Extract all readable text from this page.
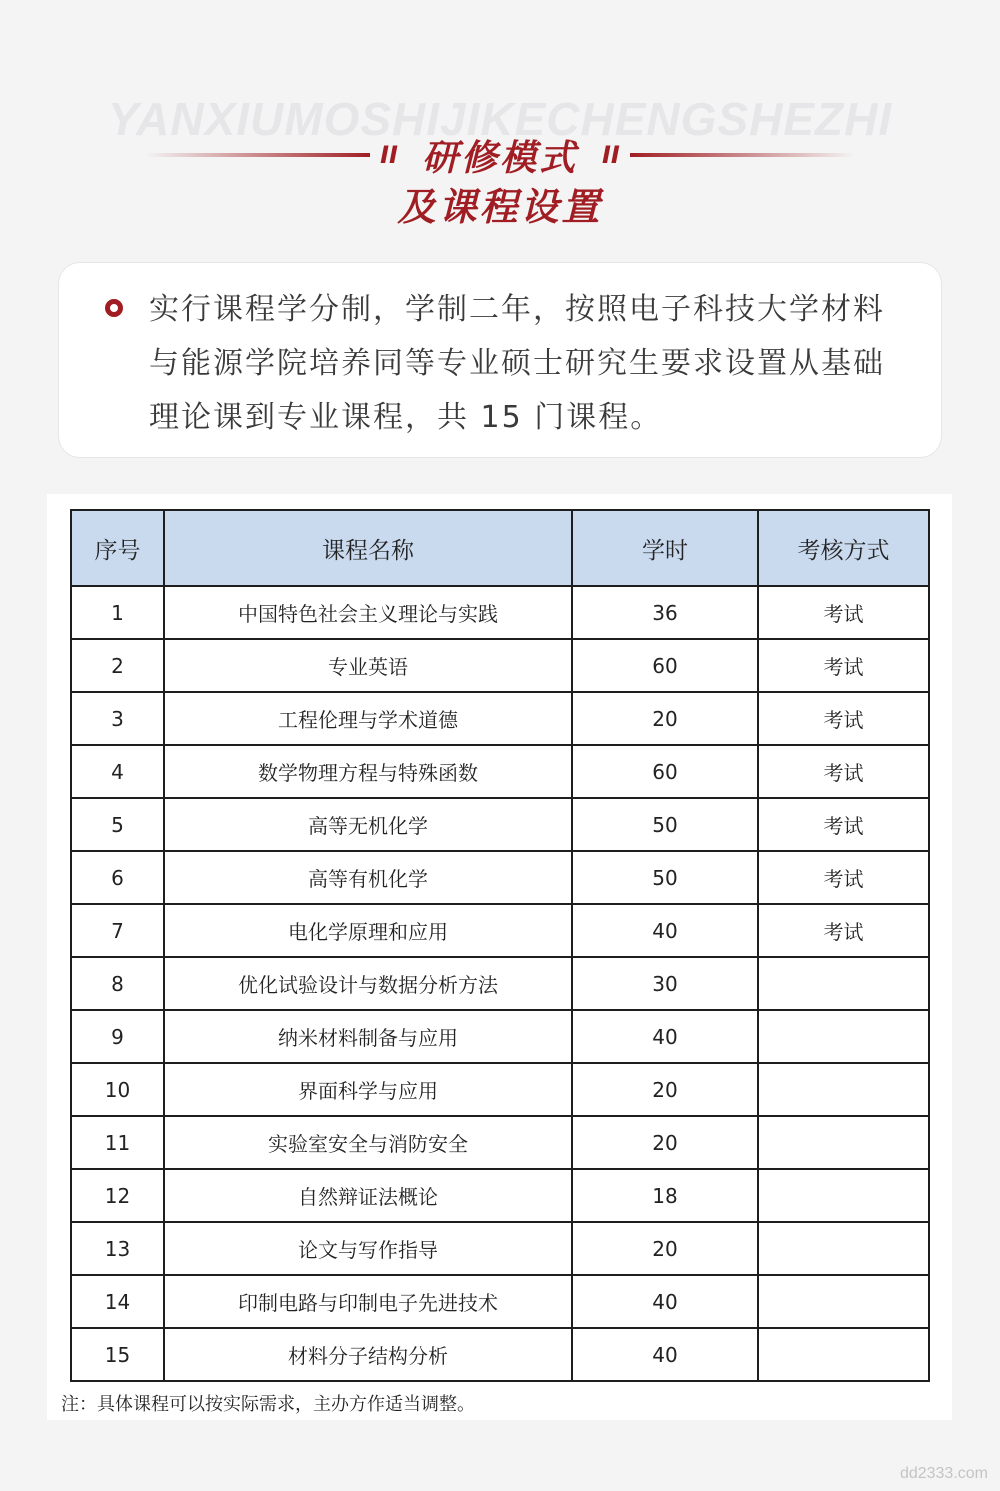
YANXIUMOSHIJIKECHENGSHEZHI
II 研修模式 II
及课程设置
实行课程学分制，学制二年，按照电子科技大学材料与能源学院培养同等专业硕士研究生要求设置从基础理论课到专业课程，共 15 门课程。
序号	课程名称	学时	考核方式
1	中国特色社会主义理论与实践	36	考试
2	专业英语	60	考试
3	工程伦理与学术道德	20	考试
4	数学物理方程与特殊函数	60	考试
5	高等无机化学	50	考试
6	高等有机化学	50	考试
7	电化学原理和应用	40	考试
8	优化试验设计与数据分析方法	30	
9	纳米材料制备与应用	40	
10	界面科学与应用	20	
11	实验室安全与消防安全	20	
12	自然辩证法概论	18	
13	论文与写作指导	20	
14	印制电路与印制电子先进技术	40	
15	材料分子结构分析	40	
注：具体课程可以按实际需求，主办方作适当调整。
dd2333.com
